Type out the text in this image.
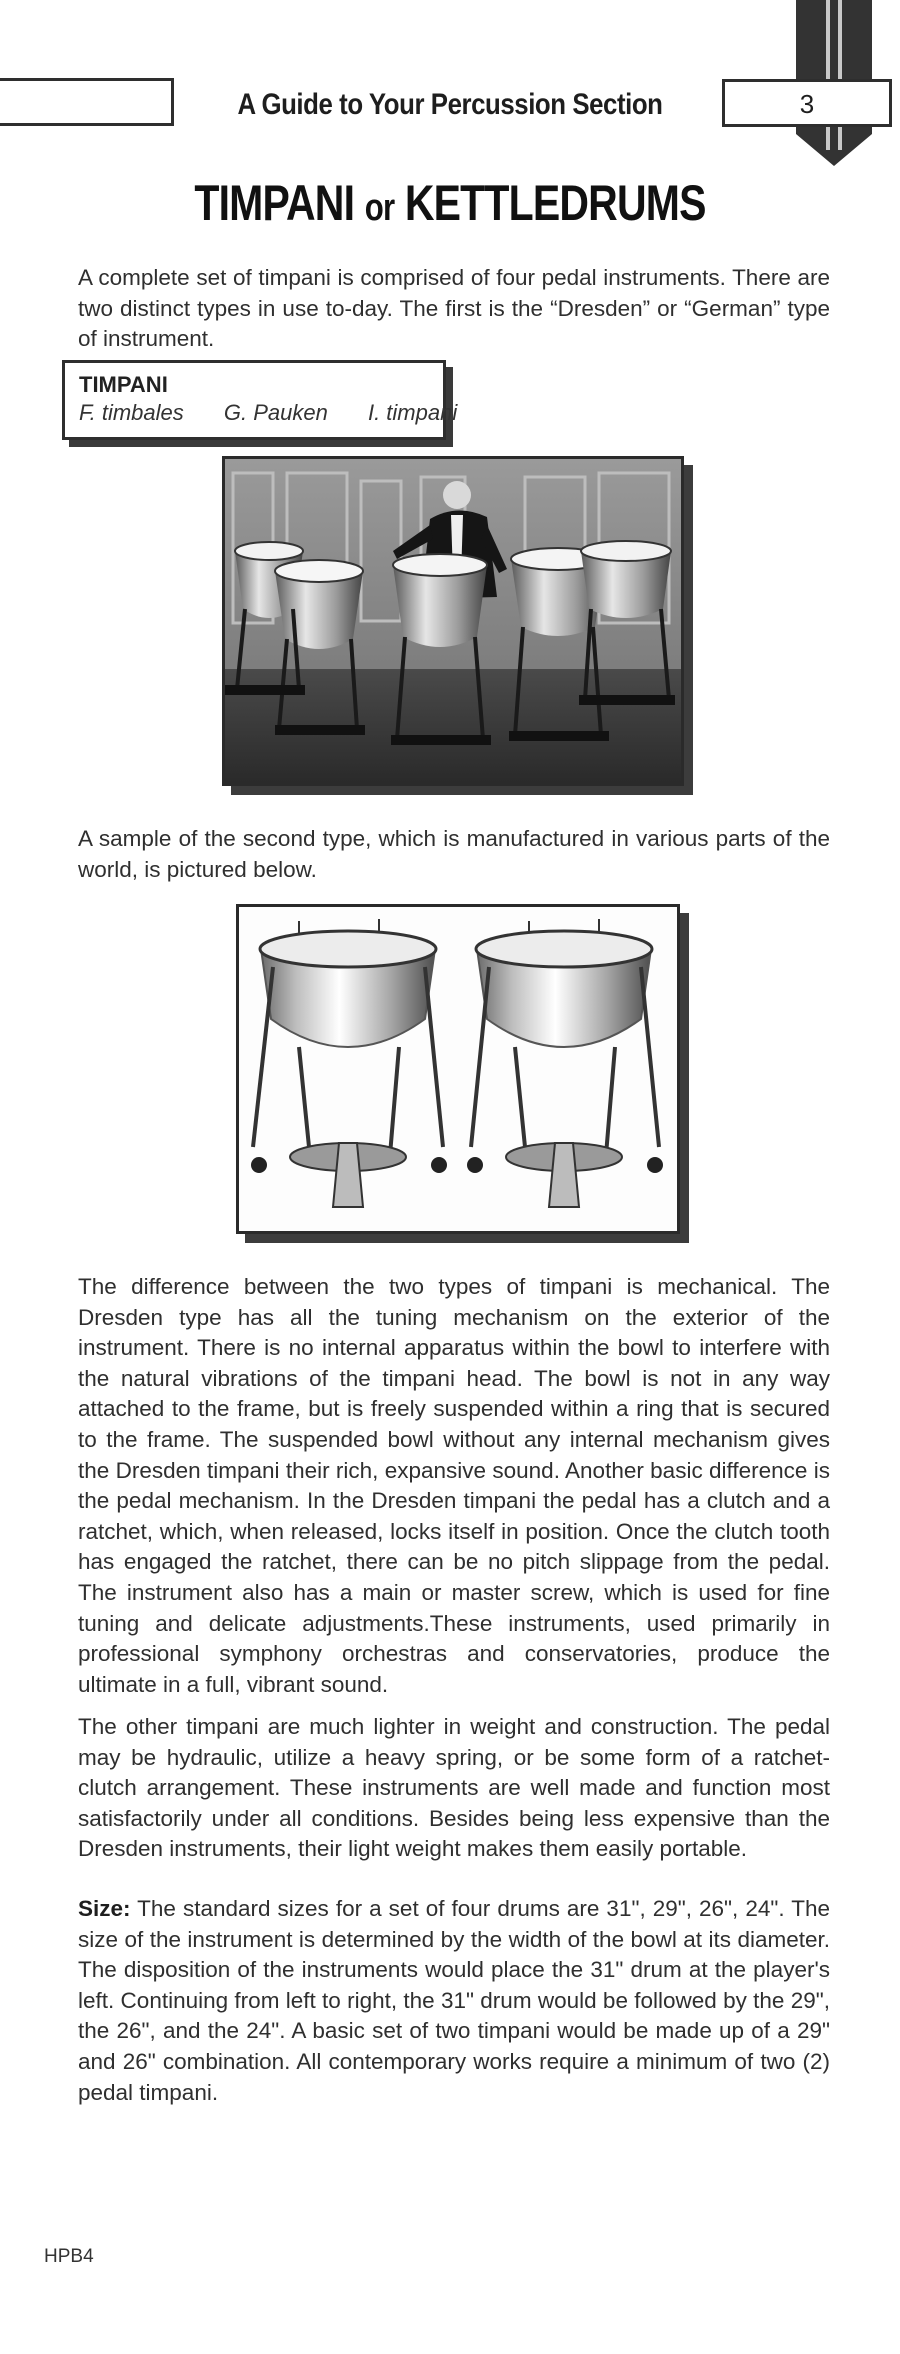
A Guide to Your Percussion Section	3
TIMPANI or KETTLEDRUMS

A complete set of timpani is comprised of four pedal instruments. There are two distinct types in use to-day. The first is the “Dresden” or “German” type of instrument.

TIMPANI
F. timbales G. Pauken I. timpani

A sample of the second type, which is manufactured in various parts of the world, is pictured below.

The difference between the two types of timpani is mechanical. The Dresden type has all the tuning mechanism on the exterior of the instrument. There is no internal apparatus within the bowl to interfere with the natural vibrations of the timpani head. The bowl is not in any way attached to the frame, but is freely suspended within a ring that is secured to the frame. The suspended bowl without any internal mechanism gives the Dresden timpani their rich, expansive sound. Another basic difference is the pedal mechanism. In the Dresden timpani the pedal has a clutch and a ratchet, which, when released, locks itself in position. Once the clutch tooth has engaged the ratchet, there can be no pitch slippage from the pedal. The instrument also has a main or master screw, which is used for fine tuning and delicate adjustments.These instruments, used primarily in professional symphony orchestras and conservatories, produce the ultimate in a full, vibrant sound.

The other timpani are much lighter in weight and construction. The pedal may be hydraulic, utilize a heavy spring, or be some form of a ratchet-clutch arrangement. These instruments are well made and function most satisfactorily under all conditions. Besides being less expensive than the Dresden instruments, their light weight makes them easily portable.

Size: The standard sizes for a set of four drums are 31", 29", 26", 24". The size of the instrument is determined by the width of the bowl at its diameter. The disposition of the instruments would place the 31" drum at the player's left. Continuing from left to right, the 31" drum would be followed by the 29", the 26", and the 24". A basic set of two timpani would be made up of a 29" and 26" combination. All contemporary works require a minimum of two (2) pedal timpani.

HPB4
